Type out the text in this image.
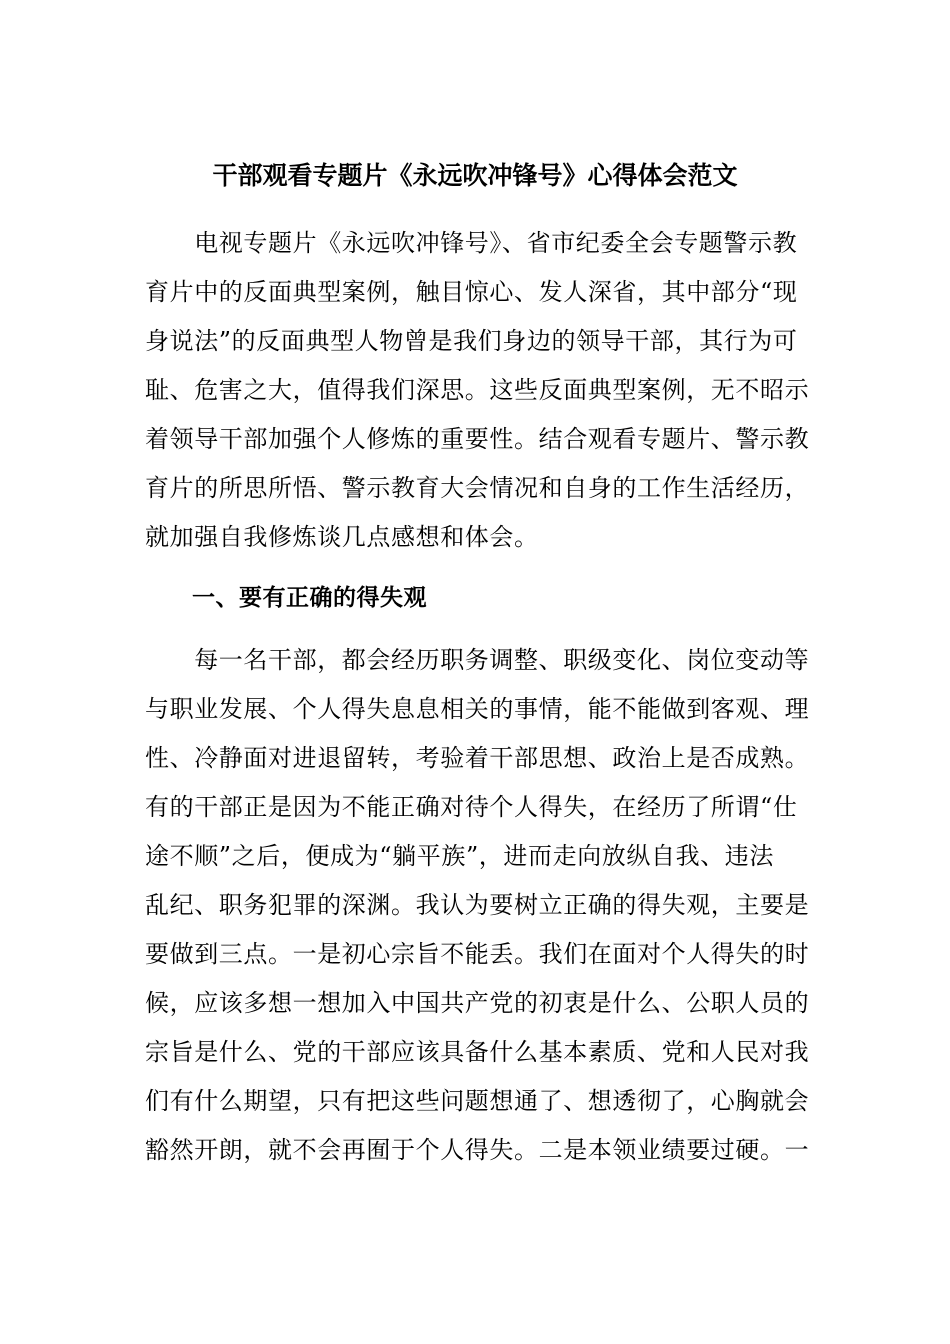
干部观看专题片《永远吹冲锋号》心得体会范文
　　电视专题片《永远吹冲锋号》、省市纪委全会专题警示教
育片中的反面典型案例，触目惊心、发人深省，其中部分“现
身说法”的反面典型人物曾是我们身边的领导干部，其行为可
耻、危害之大，值得我们深思。这些反面典型案例，无不昭示
着领导干部加强个人修炼的重要性。结合观看专题片、警示教
育片的所思所悟、警示教育大会情况和自身的工作生活经历，
就加强自我修炼谈几点感想和体会。
一、要有正确的得失观
　　每一名干部，都会经历职务调整、职级变化、岗位变动等
与职业发展、个人得失息息相关的事情，能不能做到客观、理
性、冷静面对进退留转，考验着干部思想、政治上是否成熟。
有的干部正是因为不能正确对待个人得失，在经历了所谓“仕
途不顺”之后，便成为“躺平族”，进而走向放纵自我、违法
乱纪、职务犯罪的深渊。我认为要树立正确的得失观，主要是
要做到三点。一是初心宗旨不能丢。我们在面对个人得失的时
候，应该多想一想加入中国共产党的初衷是什么、公职人员的
宗旨是什么、党的干部应该具备什么基本素质、党和人民对我
们有什么期望，只有把这些问题想通了、想透彻了，心胸就会
豁然开朗，就不会再囿于个人得失。二是本领业绩要过硬。一
